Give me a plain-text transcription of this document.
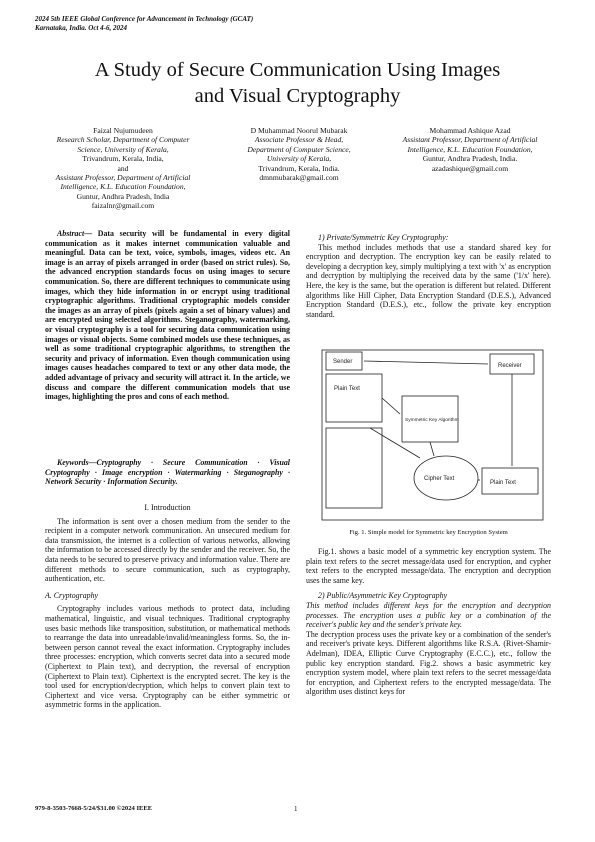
2024 5th IEEE Global Conference for Advancement in Technology (GCAT)
Karnataka, India. Oct 4-6, 2024
A Study of Secure Communication Using Images
and Visual Cryptography
Faizal Nujumudeen
Research Scholar, Department of Computer
Science, University of Kerala,
Trivandrum, Kerala, India,
and
Assistant Professor, Department of Artificial
Intelligence, K.L. Education Foundation,
Guntur, Andhra Pradesh, India
faizalnr@gmail.com
D Muhammad Noorul Mubarak
Associate Professor & Head,
Department of Computer Science,
University of Kerala,
Trivandrum, Kerala, India.
dmnmubarak@gmail.com
Mohammad Ashique Azad
Assistant Professor, Department of Artificial
Intelligence, K.L. Education Foundation,
Guntur, Andhra Pradesh, India.
azadashique@gmail.com

Abstract— Data security will be fundamental in every digital communication as it makes internet communication valuable and meaningful. Data can be text, voice, symbols, images, videos etc. An image is an array of pixels arranged in order (based on strict rules). So, the advanced encryption standards focus on using images to secure communication. So, there are different techniques to communicate using images, which they hide information in or encrypt using traditional cryptographic algorithms. Traditional cryptographic models consider the images as an array of pixels (pixels again a set of binary values) and are encrypted using selected algorithms. Steganography, watermarking, or visual cryptography is a tool for securing data communication using images or visual objects. Some combined models use these techniques, as well as some traditional cryptographic algorithms, to strengthen the security and privacy of information. Even though communication using images causes headaches compared to text or any other data mode, the added advantage of privacy and security will attract it. In the article, we discuss and compare the different communication models that use images, highlighting the pros and cons of each method.

Keywords—Cryptography · Secure Communication · Visual Cryptography · Image encryption · Watermarking · Steganography · Network Security · Information Security.

I. Introduction

The information is sent over a chosen medium from the sender to the recipient in a computer network communication. An unsecured medium for data transmission, the internet is a collection of various networks, allowing the information to be accessed directly by the sender and the receiver. So, the data needs to be secured to preserve privacy and information value. There are different methods to secure communication, such as cryptography, authentication, etc.

A. Cryptography

Cryptography includes various methods to protect data, including mathematical, linguistic, and visual techniques. Traditional cryptography uses basic methods like transposition, substitution, or mathematical methods to rearrange the data into unreadable/invalid/meaningless forms. So, the in-between person cannot reveal the exact information. Cryptography includes three processes: encryption, which converts secret data into a secured mode (Ciphertext to Plain text), and decryption, the reversal of encryption (Ciphertext to Plain text). Ciphertext is the encrypted secret. The key is the tool used for encryption/decryption, which helps to convert plain text to Ciphertext and vice versa. Cryptography can be either symmetric or asymmetric forms in the application.

1) Private/Symmetric Key Cryptography:

This method includes methods that use a standard shared key for encryption and decryption. The encryption key can be easily related to developing a decryption key, simply multiplying a text with 'x' as encryption and decryption by multiplying the received data by the same ('1/x' here). Here, the key is the same, but the operation is different but related. Different algorithms like Hill Cipher, Data Encryption Standard (D.E.S.), Advanced Encryption Standard (D.E.S.), etc., follow the private key encryption standard.

Sender
Plain Text
Symmetric Key Algorithm
Receiver
Cipher Text
Plain Text
Fig. 1. Simple model for Symmetric key Encryption System

Fig.1. shows a basic model of a symmetric key encryption system. The plain text refers to the secret message/data used for encryption, and cypher text refers to the encrypted message/data. The encryption and decryption uses the same key.

2) Public/Asymmetric Key Cryptography

This method includes different keys for the encryption and decryption processes. The encryption uses a public key or a combination of the receiver's public key and the sender's private key.

The decryption process uses the private key or a combination of the sender's and receiver's private keys. Different algorithms like R.S.A. (Rivet-Shamir-Adelman), IDEA, Elliptic Curve Cryptography (E.C.C.), etc., follow the public key encryption standard. Fig.2. shows a basic asymmetric key encryption system model, where plain text refers to the secret message/data for encryption, and Ciphertext refers to the encrypted message/data. The algorithm uses distinct keys for

979-8-3503-7668-5/24/$31.00 ©2024 IEEE	1
